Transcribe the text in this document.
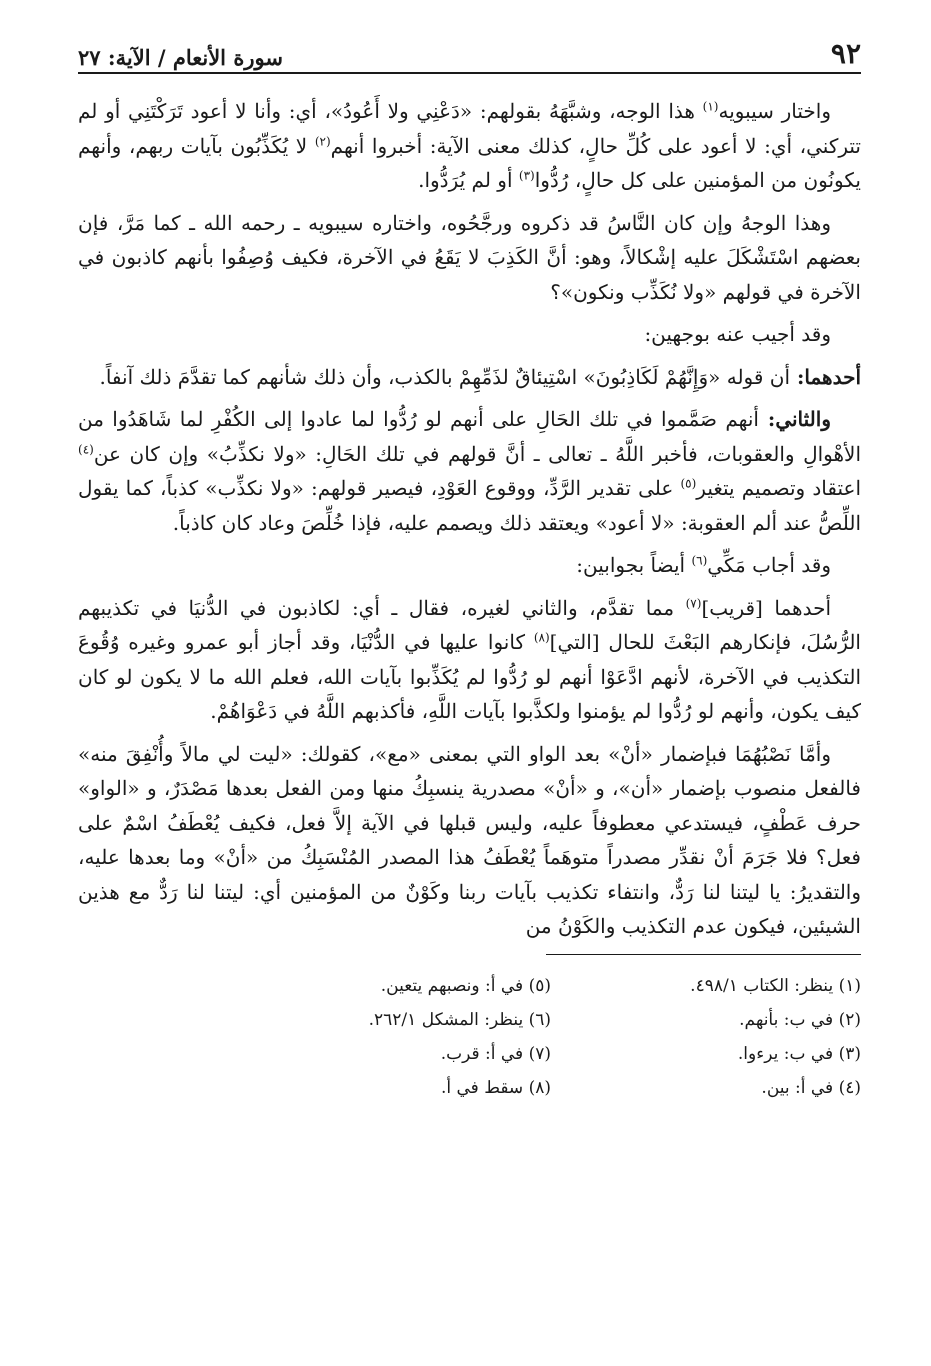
٩٢
سورة الأنعام / الآية: ٢٧

واختار سيبويه$^{(١)}$ هذا الوجه، وشبَّهَهُ بقولهم: «دَعْنِي ولا أَعُودُ»، أي: وأنا لا أعود تَرَكْتَنِي أو لم تتركني، أي: لا أعود على كُلِّ حالٍ، كذلك معنى الآية: أخبروا أنهم$^{(٢)}$ لا يُكَذِّبُون بآيات ربهم، وأنهم يكونُون من المؤمنين على كل حالٍ، رُدُّوا$^{(٣)}$ أو لم يُرَدُّوا.

وهذا الوجهُ وإن كان النَّاسُ قد ذكروه ورجَّحُوه، واختاره سيبويه ـ رحمه الله ـ كما مَرَّ، فإن بعضهم اسْتَشْكَلَ عليه إشْكالاً، وهو: أنَّ الكَذِبَ لا يَقَعُ في الآخرة، فكيف وُصِفُوا بأنهم كاذبون في الآخرة في قولهم «ولا نُكَذِّب ونكون»؟

وقد أجيب عنه بوجهين:

أحدهما: أن قوله «وَإِنَّهُمْ لَكَاذِبُونَ» اسْتِيئاقٌ لذَمِّهِمْ بالكذب، وأن ذلك شأنهم كما تقدَّمَ ذلك آنفاً.

والثاني: أنهم صَمَّموا في تلك الحَالِ على أنهم لو رُدُّوا لما عادوا إلى الكُفْرِ لما شَاهَدُوا من الأهْوالِ والعقوبات، فأخبر اللَّهُ ـ تعالى ـ أنَّ قولهم في تلك الحَالِ: «ولا نكذِّبُ» وإن كان عن$^{(٤)}$ اعتقاد وتصميم يتغير$^{(٥)}$ على تقدير الرَّدِّ، ووقوع العَوْدِ، فيصير قولهم: «ولا نكذِّب» كذباً، كما يقول اللِّصُّ عند ألم العقوبة: «لا أعود» ويعتقد ذلك ويصمم عليه، فإذا خُلِّصَ وعاد كان كاذباً.

وقد أجاب مَكِّي$^{(٦)}$ أيضاً بجوابين:

أحدهما [قريب]$^{(٧)}$ مما تقدَّم، والثاني لغيره، فقال ـ أي: لكاذبون في الدُّنيَا في تكذيبهم الرُّسُلَ، فإنكارهم البَعْثَ للحال [التي]$^{(٨)}$ كانوا عليها في الدُّنْيَا، وقد أجاز أبو عمرو وغيره وُقُوعَ التكذيب في الآخرة، لأنهم ادَّعَوْا أنهم لو رُدُّوا لم يُكَذِّبوا بآيات الله، فعلم الله ما لا يكون لو كان كيف يكون، وأنهم لو رُدُّوا لم يؤمنوا ولكذَّبوا بآيات اللَّهِ، فأكذبهم اللَّهُ في دَعْوَاهُمْ.

وأمَّا نَصْبُهُمَا فبإضمار «أنْ» بعد الواو التي بمعنى «مع»، كقولك: «ليت لي مالاً وأُنْفِقَ منه» فالفعل منصوب بإضمار «أن»، و «أنْ» مصدرية ينسبِكُ منها ومن الفعل بعدها مَصْدَرٌ، و «الواو» حرف عَطْفٍ، فيستدعي معطوفاً عليه، وليس قبلها في الآية إلاَّ فعل، فكيف يُعْطَفُ اسْمٌ على فعل؟ فلا جَرَمَ أنْ نقدِّر مصدراً متوهَماً يُعْطَفُ هذا المصدر المُنْسَبِكُ من «أنْ» وما بعدها عليه، والتقديرُ: يا ليتنا لنا رَدٌّ، وانتفاء تكذيب بآيات ربنا وكَوْنٌ من المؤمنين أي: ليتنا لنا رَدٌّ مع هذين الشيئين، فيكون عدم التكذيب والكَوْنُ من

(١) ينظر: الكتاب ٤٩٨/١.
(٢) في ب: بأنهم.
(٣) في ب: يرءوا.
(٤) في أ: بين.
(٥) في أ: ونصبهم يتعين.
(٦) ينظر: المشكل ٢٦٢/١.
(٧) في أ: قرب.
(٨) سقط في أ.
